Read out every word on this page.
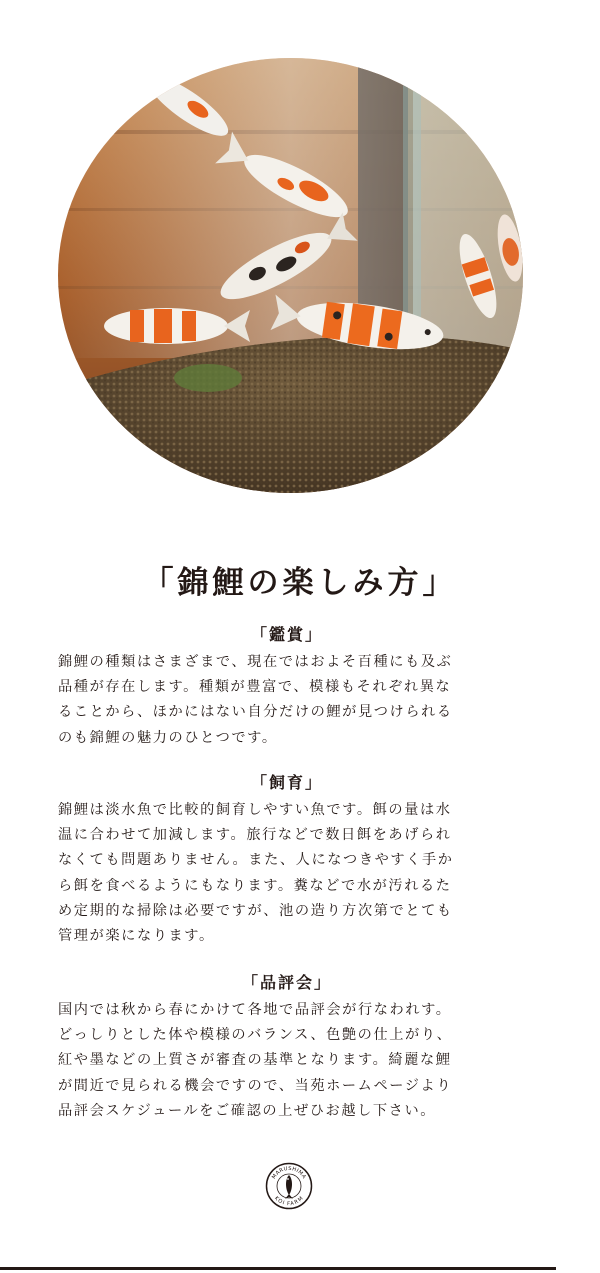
「錦鯉の楽しみ方」
「鑑賞」

錦鯉の種類はさまざまで、現在ではおよそ百種にも及ぶ
品種が存在します。種類が豊富で、模様もそれぞれ異な
ることから、ほかにはない自分だけの鯉が見つけられる
のも錦鯉の魅力のひとつです。

「飼育」

錦鯉は淡水魚で比較的飼育しやすい魚です。餌の量は水
温に合わせて加減します。旅行などで数日餌をあげられ
なくても問題ありません。また、人になつきやすく手か
ら餌を食べるようにもなります。糞などで水が汚れるた
め定期的な掃除は必要ですが、池の造り方次第でとても
管理が楽になります。

「品評会」

国内では秋から春にかけて各地で品評会が行なわれす。
どっしりとした体や模様のバランス、色艶の仕上がり、
紅や墨などの上質さが審査の基準となります。綺麗な鯉
が間近で見られる機会ですので、当苑ホームページより
品評会スケジュールをご確認の上ぜひお越し下さい。

MARUSHIMA
KOI FARM
